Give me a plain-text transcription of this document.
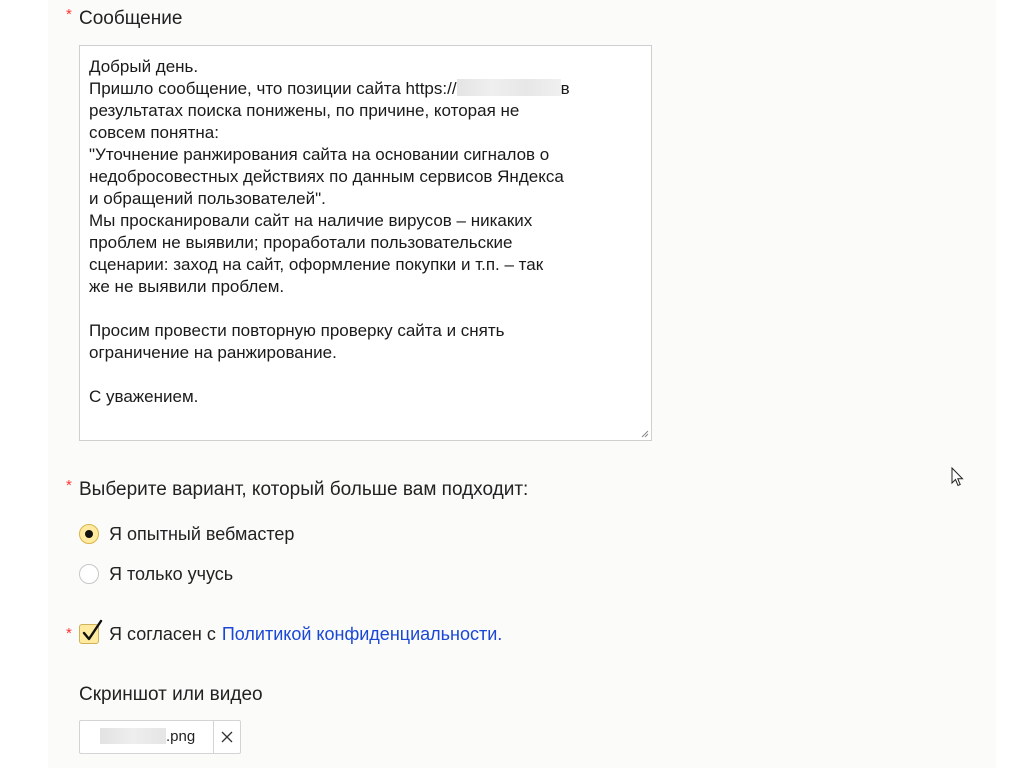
* Сообщение
Добрый день.
Пришло сообщение, что позиции сайта https://	в
результатах поиска понижены, по причине, которая не
совсем понятна:
"Уточнение ранжирования сайта на основании сигналов о
недобросовестных действиях по данным сервисов Яндекса
и обращений пользователей".
Мы просканировали сайт на наличие вирусов – никаких
проблем не выявили; проработали пользовательские
сценарии: заход на сайт, оформление покупки и т.п. – так
же не выявили проблем.

Просим провести повторную проверку сайта и снять
ограничение на ранжирование.

С уважением.
* Выберите вариант, который больше вам подходит:
Я опытный вебмастер
Я только учусь
* Я согласен с Политикой конфиденциальности.
Скриншот или видео
.png
